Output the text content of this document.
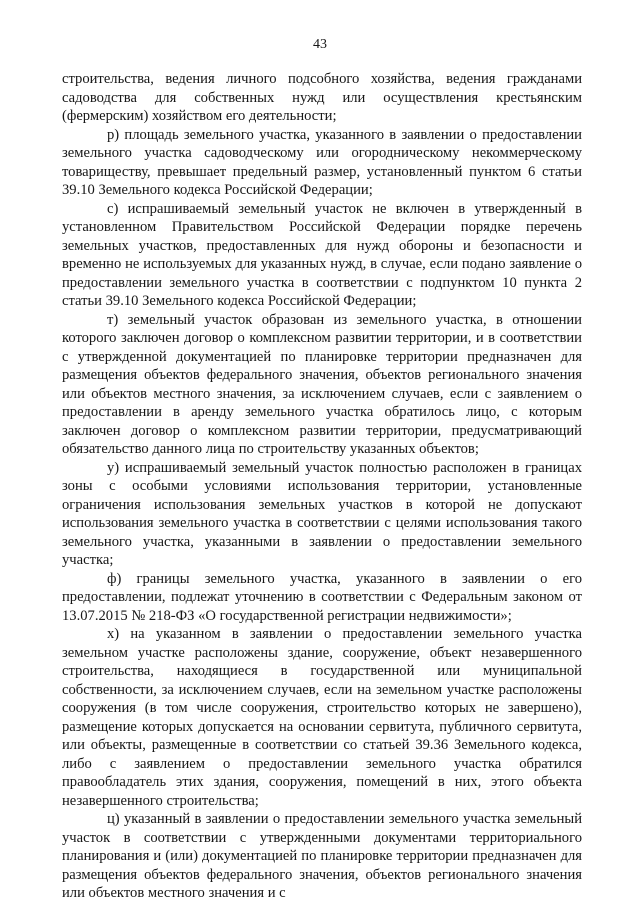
43

строительства, ведения личного подсобного хозяйства, ведения гражданами садоводства для собственных нужд или осуществления крестьянским (фермерским) хозяйством его деятельности;

р) площадь земельного участка, указанного в заявлении о предоставлении земельного участка садоводческому или огородническому некоммерческому товариществу, превышает предельный размер, установленный пунктом 6 статьи 39.10 Земельного кодекса Российской Федерации;

с) испрашиваемый земельный участок не включен в утвержденный в установленном Правительством Российской Федерации порядке перечень земельных участков, предоставленных для нужд обороны и безопасности и временно не используемых для указанных нужд, в случае, если подано заявление о предоставлении земельного участка в соответствии с подпунктом 10 пункта 2 статьи 39.10 Земельного кодекса Российской Федерации;

т) земельный участок образован из земельного участка, в отношении которого заключен договор о комплексном развитии территории, и в соответствии с утвержденной документацией по планировке территории предназначен для размещения объектов федерального значения, объектов регионального значения или объектов местного значения, за исключением случаев, если с заявлением о предоставлении в аренду земельного участка обратилось лицо, с которым заключен договор о комплексном развитии территории, предусматривающий обязательство данного лица по строительству указанных объектов;

у) испрашиваемый земельный участок полностью расположен в границах зоны с особыми условиями использования территории, установленные ограничения использования земельных участков в которой не допускают использования земельного участка в соответствии с целями использования такого земельного участка, указанными в заявлении о предоставлении земельного участка;

ф) границы земельного участка, указанного в заявлении о его предоставлении, подлежат уточнению в соответствии с Федеральным законом от 13.07.2015 № 218-ФЗ «О государственной регистрации недвижимости»;

х) на указанном в заявлении о предоставлении земельного участка земельном участке расположены здание, сооружение, объект незавершенного строительства, находящиеся в государственной или муниципальной собственности, за исключением случаев, если на земельном участке расположены сооружения (в том числе сооружения, строительство которых не завершено), размещение которых допускается на основании сервитута, публичного сервитута, или объекты, размещенные в соответствии со статьей 39.36 Земельного кодекса, либо с заявлением о предоставлении земельного участка обратился правообладатель этих здания, сооружения, помещений в них, этого объекта незавершенного строительства;

ц) указанный в заявлении о предоставлении земельного участка земельный участок в соответствии с утвержденными документами территориального планирования и (или) документацией по планировке территории предназначен для размещения объектов федерального значения, объектов регионального значения или объектов местного значения и с
